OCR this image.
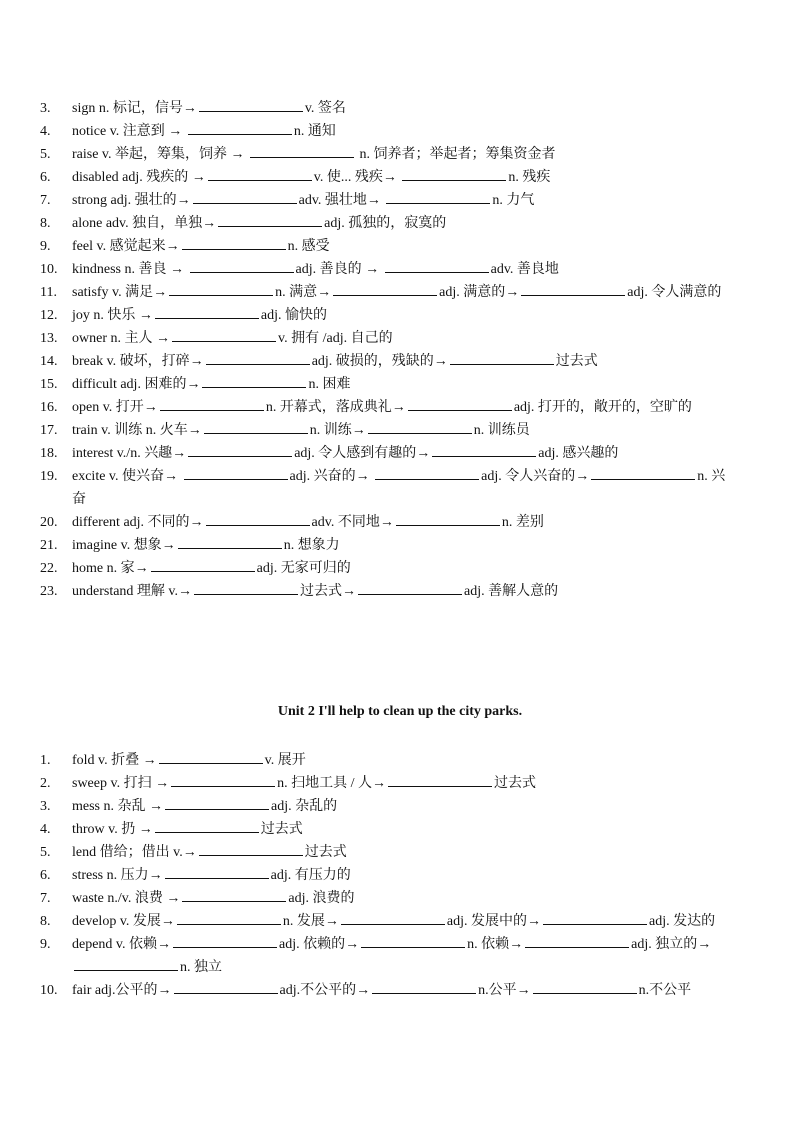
3.	sign n. 标记，信号→	v. 签名
4.	notice v. 注意到 →	n. 通知
5.	raise v. 举起，筹集，饲养 →	n. 饲养者；举起者；筹集资金者
6.	disabled adj. 残疾的 →	v. 使... 残疾→	n. 残疾
7.	strong adj. 强壮的→	adv. 强壮地→	n. 力气
8.	alone adv. 独自，单独→	adj. 孤独的，寂寞的
9.	feel v. 感觉起来→	n. 感受
10.	kindness n. 善良 →	adj. 善良的 →	adv. 善良地
11.	satisfy v. 满足→	n. 满意→	adj. 满意的→	adj. 令人满意的
12.	joy n. 快乐 →	adj. 愉快的
13.	owner n. 主人 →	v. 拥有 /adj. 自己的
14.	break v. 破坏，打碎→	adj. 破损的，残缺的→	过去式
15.	difficult adj. 困难的→	n. 困难
16.	open v. 打开→	n. 开幕式，落成典礼→	adj. 打开的，敞开的，空旷的
17.	train v. 训练 n. 火车→	n. 训练→	n. 训练员
18.	interest v./n. 兴趣→	adj. 令人感到有趣的→	adj. 感兴趣的
19.	excite v. 使兴奋→	adj. 兴奋的→	adj. 令人兴奋的→	n. 兴奋
20.	different adj. 不同的→	adv. 不同地→	n. 差别
21.	imagine v. 想象→	n. 想象力
22.	home n. 家→	adj. 无家可归的
23.	understand 理解 v.→	过去式→	adj. 善解人意的
Unit 2 I'll help to clean up the city parks.
1.	fold v. 折叠 →	v. 展开
2.	sweep v. 打扫 →	n. 扫地工具 / 人→	过去式
3.	mess n. 杂乱 →	adj. 杂乱的
4.	throw v. 扔 →	过去式
5.	lend 借给；借出 v.→	过去式
6.	stress n. 压力→	adj. 有压力的
7.	waste n./v. 浪费 →	adj. 浪费的
8.	develop v. 发展→	n. 发展→	adj. 发展中的→	adj. 发达的
9.	depend v. 依赖→	adj. 依赖的→	n. 依赖→	adj. 独立的→n. 独立
10.	fair adj.公平的→	adj.不公平的→	n.公平→	n.不公平
